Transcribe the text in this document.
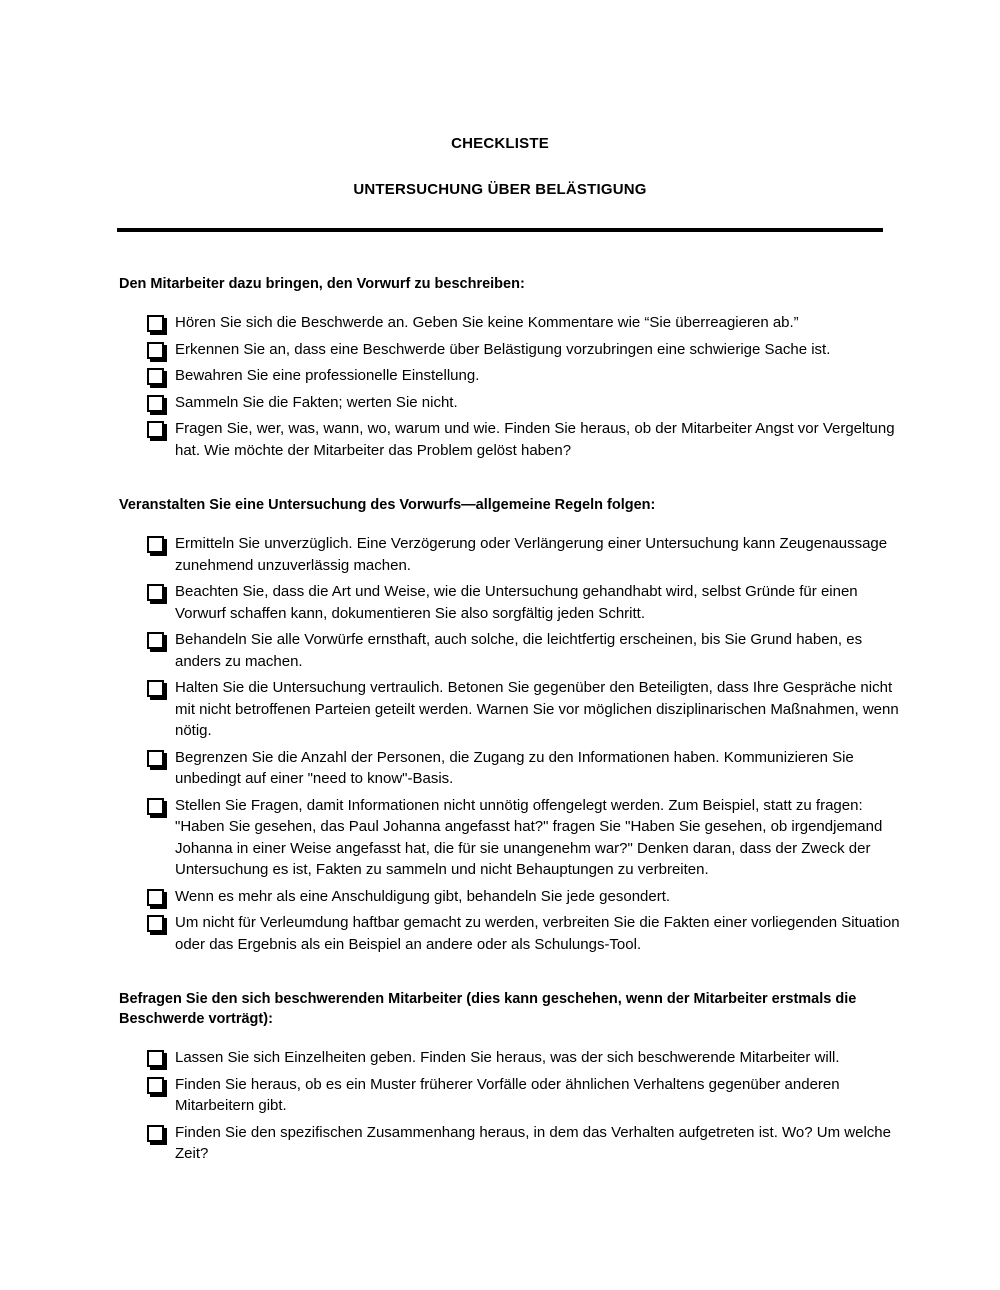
CHECKLISTE
UNTERSUCHUNG ÜBER BELÄSTIGUNG
Den Mitarbeiter dazu bringen, den Vorwurf zu beschreiben:
Hören Sie sich die Beschwerde an. Geben Sie keine Kommentare wie “Sie überreagieren ab.”
Erkennen Sie an, dass eine Beschwerde über Belästigung vorzubringen eine schwierige Sache ist.
Bewahren Sie eine professionelle Einstellung.
Sammeln Sie die Fakten; werten Sie nicht.
Fragen Sie, wer, was, wann, wo, warum und wie. Finden Sie heraus, ob der Mitarbeiter Angst vor Vergeltung hat. Wie möchte der Mitarbeiter das Problem gelöst haben?
Veranstalten Sie eine Untersuchung des Vorwurfs—allgemeine Regeln folgen:
Ermitteln Sie unverzüglich. Eine Verzögerung oder Verlängerung einer Untersuchung kann Zeugenaussage zunehmend unzuverlässig machen.
Beachten Sie, dass die Art und Weise, wie die Untersuchung gehandhabt wird, selbst Gründe für einen Vorwurf schaffen kann, dokumentieren Sie also sorgfältig jeden Schritt.
Behandeln Sie alle Vorwürfe ernsthaft, auch solche, die leichtfertig erscheinen, bis Sie Grund haben, es anders zu machen.
Halten Sie die Untersuchung vertraulich. Betonen Sie gegenüber den Beteiligten, dass Ihre Gespräche nicht mit nicht betroffenen Parteien geteilt werden. Warnen Sie vor möglichen disziplinarischen Maßnahmen, wenn nötig.
Begrenzen Sie die Anzahl der Personen, die Zugang zu den Informationen haben. Kommunizieren Sie unbedingt auf einer "need to know"-Basis.
Stellen Sie Fragen, damit Informationen nicht unnötig offengelegt werden. Zum Beispiel, statt zu fragen: "Haben Sie gesehen, das Paul Johanna angefasst hat?" fragen Sie "Haben Sie gesehen, ob irgendjemand Johanna in einer Weise angefasst hat, die für sie unangenehm war?" Denken daran, dass der Zweck der Untersuchung es ist, Fakten zu sammeln und nicht Behauptungen zu verbreiten.
Wenn es mehr als eine Anschuldigung gibt, behandeln Sie jede gesondert.
Um nicht für Verleumdung haftbar gemacht zu werden, verbreiten Sie die Fakten einer vorliegenden Situation oder das Ergebnis als ein Beispiel an andere oder als Schulungs-Tool.
Befragen Sie den sich beschwerenden Mitarbeiter (dies kann geschehen, wenn der Mitarbeiter erstmals die Beschwerde vorträgt):
Lassen Sie sich Einzelheiten geben. Finden Sie heraus, was der sich beschwerende Mitarbeiter will.
Finden Sie heraus, ob es ein Muster früherer Vorfälle oder ähnlichen Verhaltens gegenüber anderen Mitarbeitern gibt.
Finden Sie den spezifischen Zusammenhang heraus, in dem das Verhalten aufgetreten ist. Wo? Um welche Zeit?
